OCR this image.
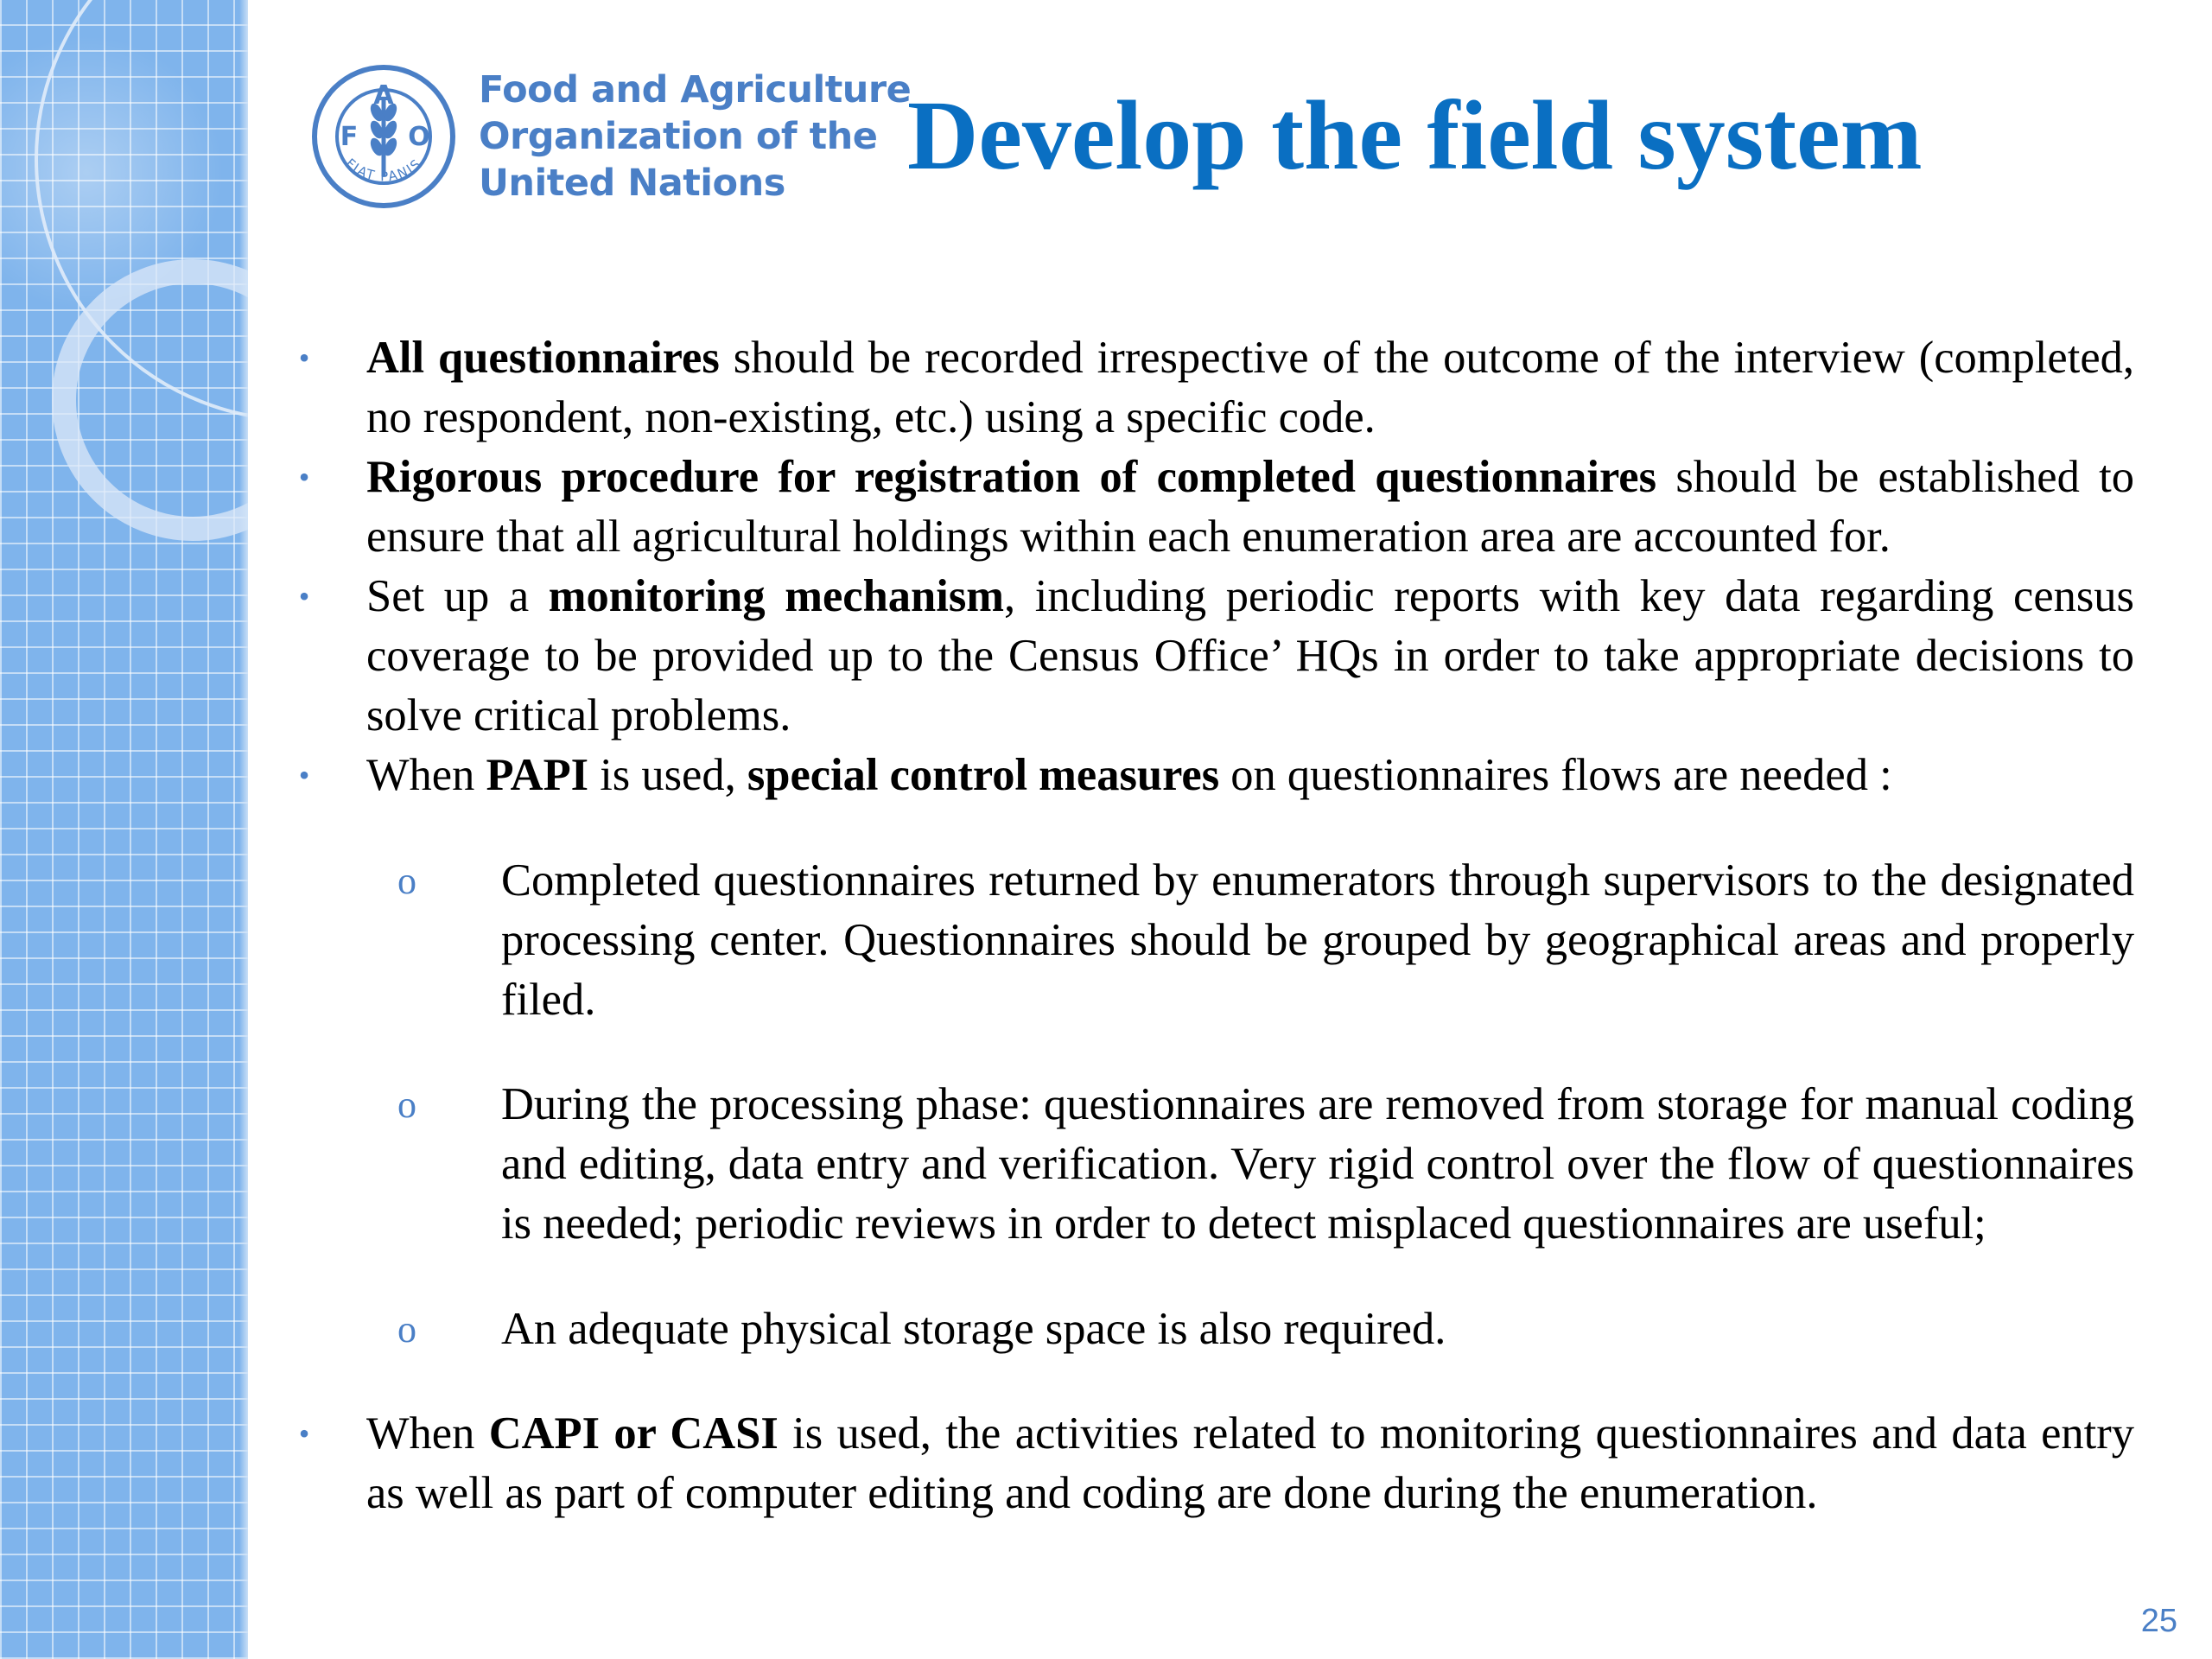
F
A
O
FIAT PANIS
Food and Agriculture
Organization of the
United Nations	Develop the field system

• All questionnaires should be recorded irrespective of the outcome of the interview (completed, no respondent, non-existing, etc.) using a specific code.

• Rigorous procedure for registration of completed questionnaires should be established to ensure that all agricultural holdings within each enumeration area are accounted for.

• Set up a monitoring mechanism, including periodic reports with key data regarding census coverage to be provided up to the Census Office’ HQs in order to take appropriate decisions to solve critical problems.

• When PAPI is used, special control measures on questionnaires flows are needed :

o Completed questionnaires returned by enumerators through supervisors to the designated processing center. Questionnaires should be grouped by geographical areas and properly filed.

o During the processing phase: questionnaires are removed from storage for manual coding and editing, data entry and verification. Very rigid control over the flow of questionnaires is needed; periodic reviews in order to detect misplaced questionnaires are useful;

o An adequate physical storage space is also required.

• When CAPI or CASI is used, the activities related to monitoring questionnaires and data entry as well as part of computer editing and coding are done during the enumeration.

25
